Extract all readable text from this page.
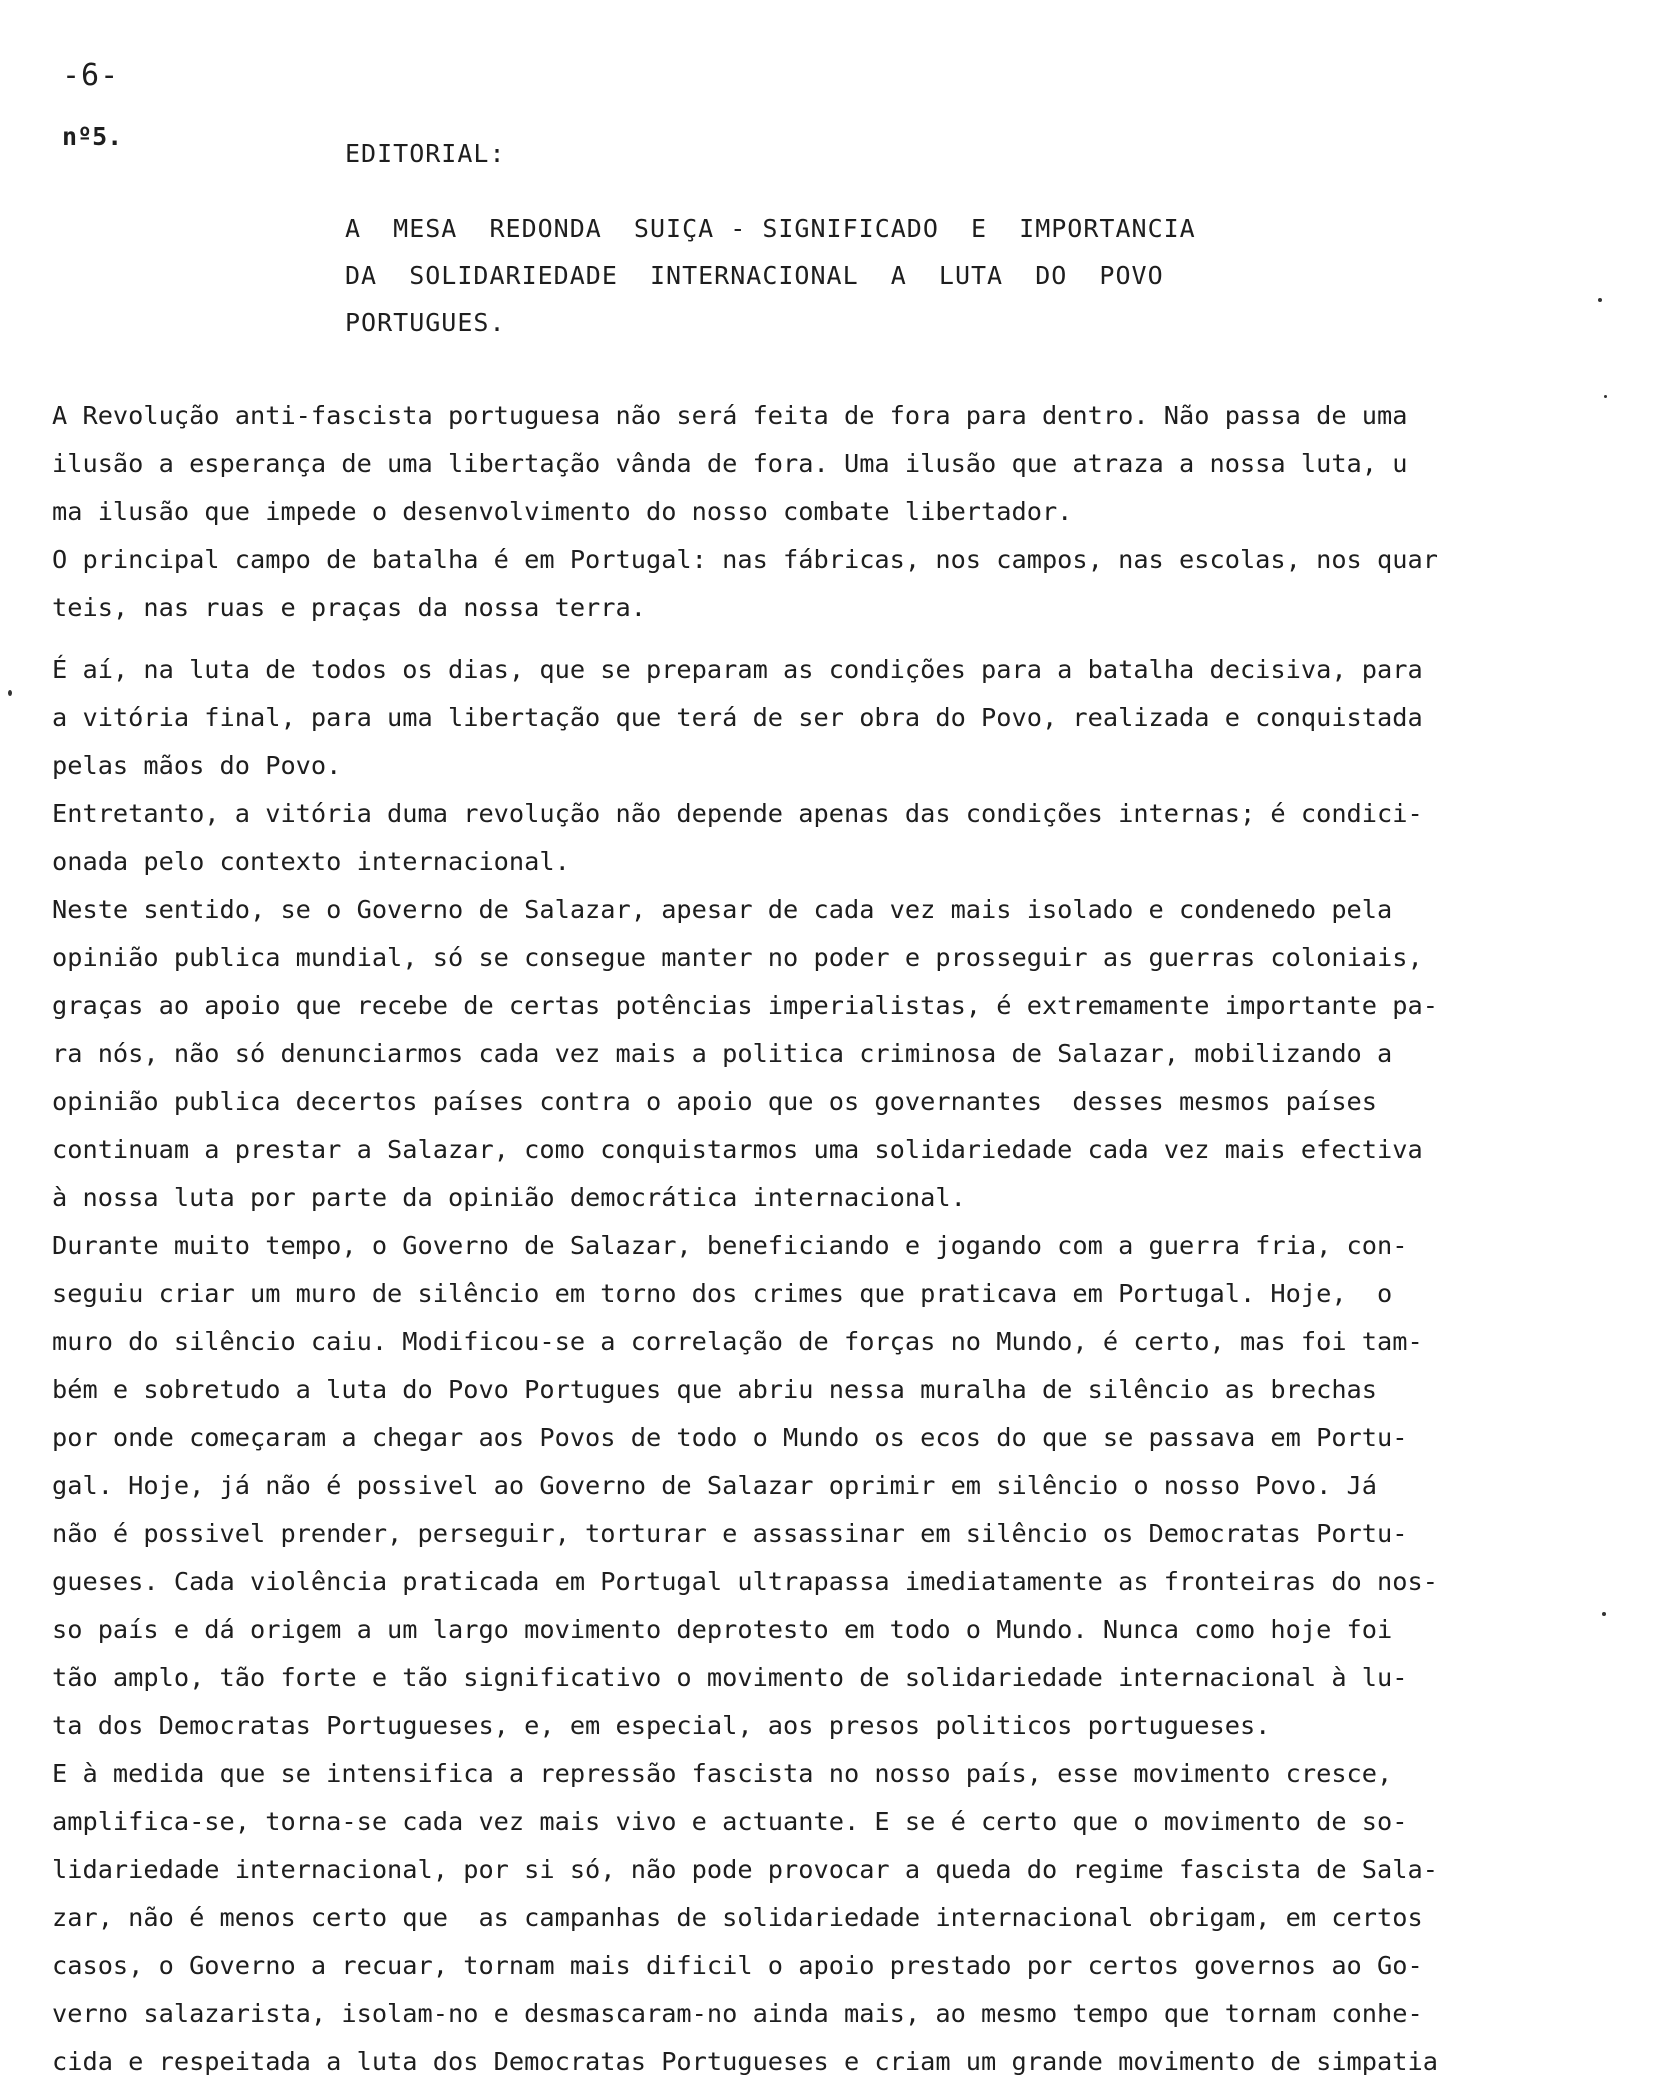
-6-
nº5.
EDITORIAL:
A  MESA  REDONDA  SUIÇA - SIGNIFICADO  E  IMPORTANCIA
DA  SOLIDARIEDADE  INTERNACIONAL  A  LUTA  DO  POVO
PORTUGUES.
A Revolução anti-fascista portuguesa não será feita de fora para dentro. Não passa de uma
ilusão a esperança de uma libertação vânda de fora. Uma ilusão que atraza a nossa luta, u
ma ilusão que impede o desenvolvimento do nosso combate libertador.
O principal campo de batalha é em Portugal: nas fábricas, nos campos, nas escolas, nos quar
teis, nas ruas e praças da nossa terra.
É aí, na luta de todos os dias, que se preparam as condições para a batalha decisiva, para
a vitória final, para uma libertação que terá de ser obra do Povo, realizada e conquistada
pelas mãos do Povo.
Entretanto, a vitória duma revolução não depende apenas das condições internas; é condici-
onada pelo contexto internacional.
Neste sentido, se o Governo de Salazar, apesar de cada vez mais isolado e condenedo pela
opinião publica mundial, só se consegue manter no poder e prosseguir as guerras coloniais,
graças ao apoio que recebe de certas potências imperialistas, é extremamente importante pa-
ra nós, não só denunciarmos cada vez mais a politica criminosa de Salazar, mobilizando a
opinião publica decertos países contra o apoio que os governantes  desses mesmos países
continuam a prestar a Salazar, como conquistarmos uma solidariedade cada vez mais efectiva
à nossa luta por parte da opinião democrática internacional.
Durante muito tempo, o Governo de Salazar, beneficiando e jogando com a guerra fria, con-
seguiu criar um muro de silêncio em torno dos crimes que praticava em Portugal. Hoje,  o
muro do silêncio caiu. Modificou-se a correlação de forças no Mundo, é certo, mas foi tam-
bém e sobretudo a luta do Povo Portugues que abriu nessa muralha de silêncio as brechas
por onde começaram a chegar aos Povos de todo o Mundo os ecos do que se passava em Portu-
gal. Hoje, já não é possivel ao Governo de Salazar oprimir em silêncio o nosso Povo. Já
não é possivel prender, perseguir, torturar e assassinar em silêncio os Democratas Portu-
gueses. Cada violência praticada em Portugal ultrapassa imediatamente as fronteiras do nos-
so país e dá origem a um largo movimento deprotesto em todo o Mundo. Nunca como hoje foi
tão amplo, tão forte e tão significativo o movimento de solidariedade internacional à lu-
ta dos Democratas Portugueses, e, em especial, aos presos politicos portugueses.
E à medida que se intensifica a repressão fascista no nosso país, esse movimento cresce,
amplifica-se, torna-se cada vez mais vivo e actuante. E se é certo que o movimento de so-
lidariedade internacional, por si só, não pode provocar a queda do regime fascista de Sala-
zar, não é menos certo que  as campanhas de solidariedade internacional obrigam, em certos
casos, o Governo a recuar, tornam mais dificil o apoio prestado por certos governos ao Go-
verno salazarista, isolam-no e desmascaram-no ainda mais, ao mesmo tempo que tornam conhe-
cida e respeitada a luta dos Democratas Portugueses e criam um grande movimento de simpatia
